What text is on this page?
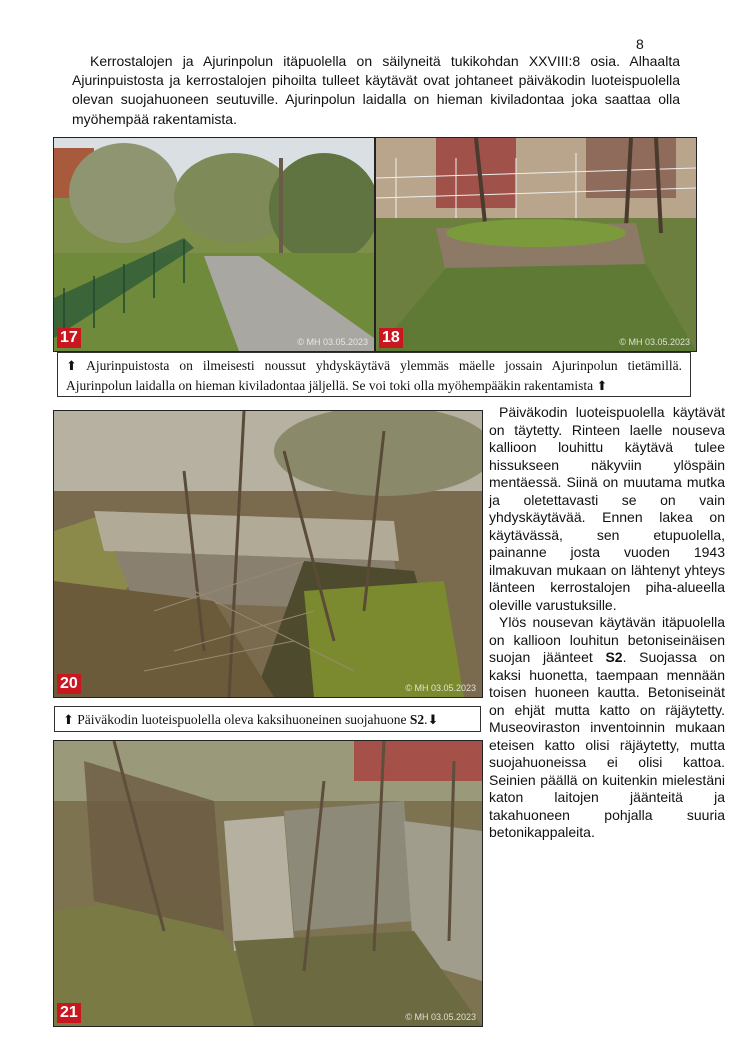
8
Kerrostalojen ja Ajurinpolun itäpuolella on säilyneitä tukikohdan XXVIII:8 osia. Alhaalta Ajurinpuistosta ja kerrostalojen pihoilta tulleet käytävät ovat johtaneet päiväkodin luoteispuolella olevan suojahuoneen seutuville. Ajurinpolun laidalla on hieman kiviladontaa joka saattaa olla myöhempää rakentamista.
17	© MH 03.05.2023 18	© MH 03.05.2023
⬆ Ajurinpuistosta on ilmeisesti noussut yhdyskäytävä ylemmäs mäelle jossain Ajurinpolun tietämillä. Ajurinpolun laidalla on hieman kiviladontaa jäljellä. Se voi toki olla myöhempääkin rakentamista ⬆
20	© MH 03.05.2023
⬆ Päiväkodin luoteispuolella oleva kaksihuoneinen suojahuone S2.⬇
21	© MH 03.05.2023

Päiväkodin luoteispuolella käytävät on täytetty. Rinteen laelle nouseva kallioon louhittu käytävä tulee hissukseen näkyviin ylöspäin mentäessä. Siinä on muutama mutka ja oletettavasti se on vain yhdyskäytävää. Ennen lakea on käytävässä, sen etupuolella, painanne josta vuoden 1943 ilmakuvan mukaan on lähtenyt yhteys länteen kerrostalojen piha-alueella oleville varustuksille.

Ylös nousevan käytävän itäpuolella on kallioon louhitun betoniseinäisen suojan jäänteet S2. Suojassa on kaksi huonetta, taempaan mennään toisen huoneen kautta. Betoniseinät on ehjät mutta katto on räjäytetty. Museoviraston inventoinnin mukaan eteisen katto olisi räjäytetty, mutta suojahuoneissa ei olisi kattoa. Seinien päällä on kuitenkin mielestäni katon laitojen jäänteitä ja takahuoneen pohjalla suuria betonikappaleita.
